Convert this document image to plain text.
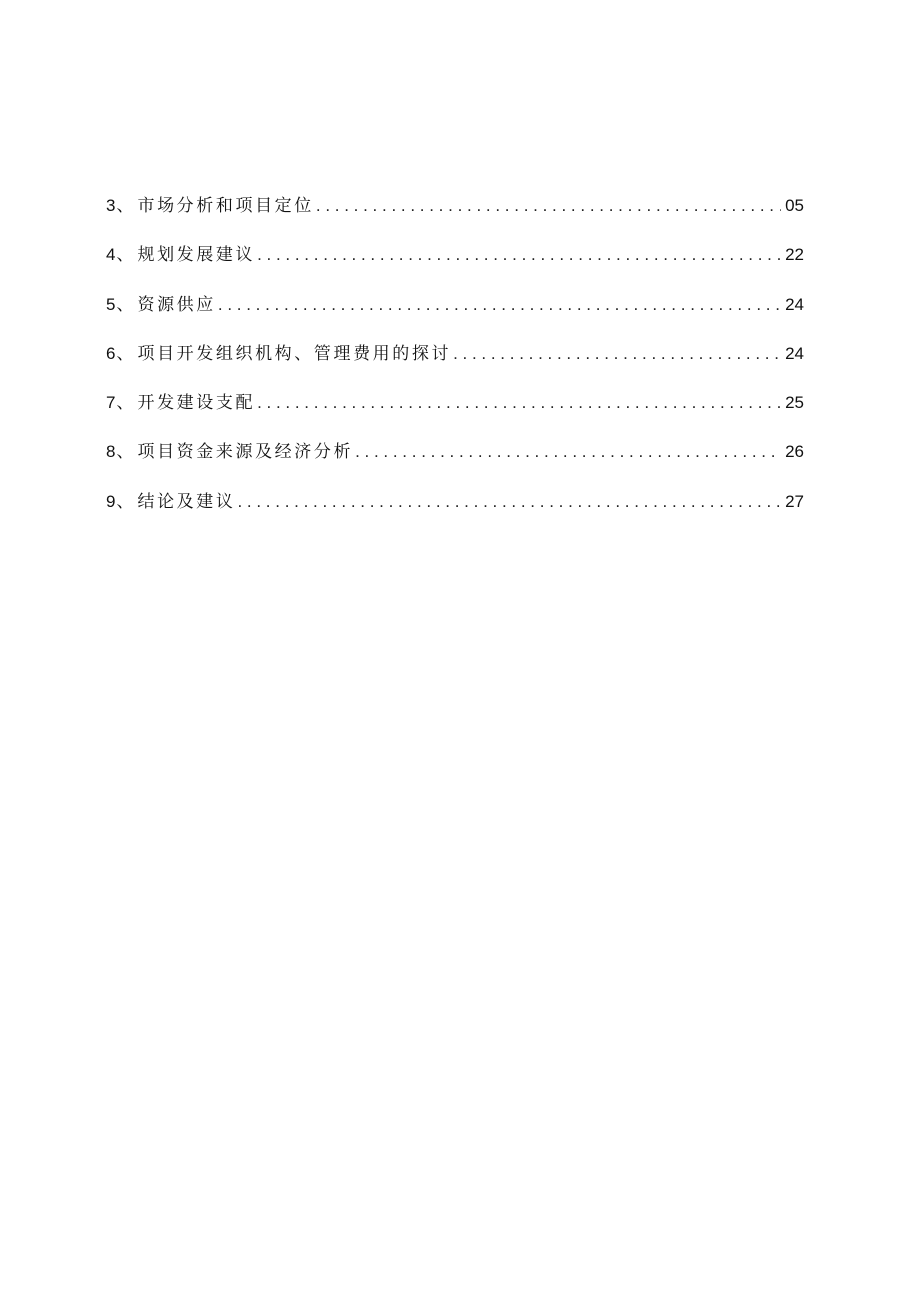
3 、 市场分析和项目定位 . . .	05
4 、 规划发展建议 . . .	22
5 、 资源供应 . . .	24
6 、 项目开发组织机构、管理费用的探讨 . . .	24
7 、 开发建设支配 . . .	25
8 、 项目资金来源及经济分析 . . .	26
9 、 结论及建议 . . .	27
